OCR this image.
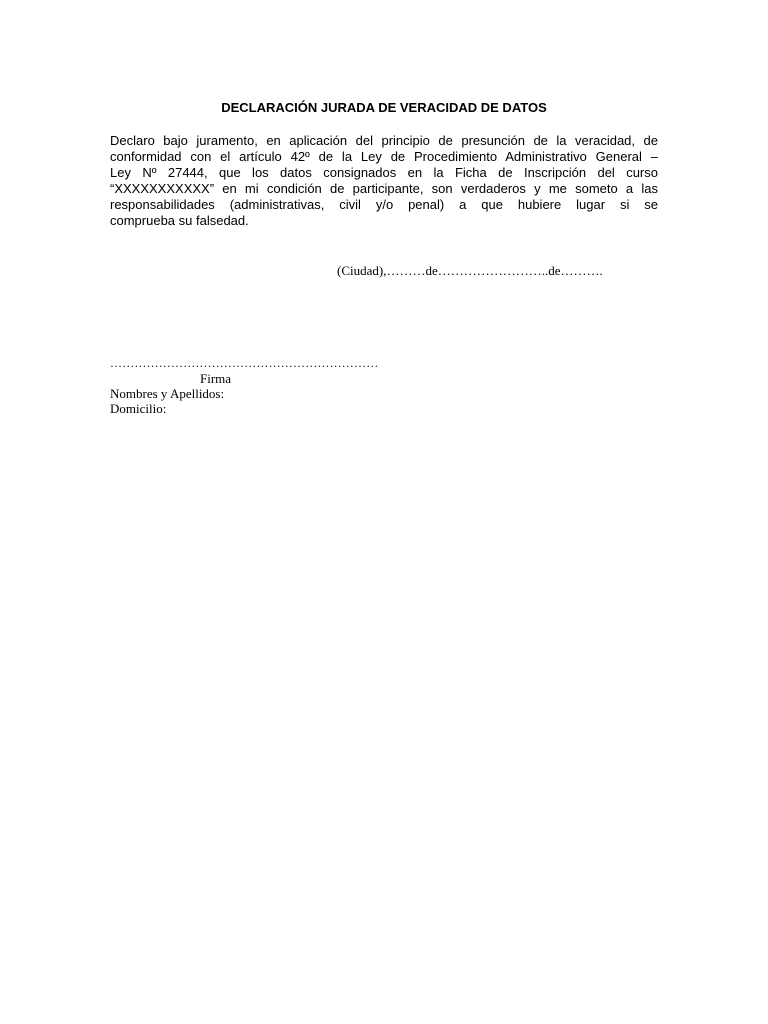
DECLARACIÓN JURADA DE VERACIDAD DE DATOS

Declaro bajo juramento, en aplicación del principio de presunción de la veracidad, de
conformidad con el artículo 42º de la Ley de Procedimiento Administrativo General –
Ley Nº 27444, que los datos consignados en la Ficha de Inscripción del curso
“XXXXXXXXXXX” en mi condición de participante, son verdaderos y me someto a las
responsabilidades (administrativas, civil y/o penal) a que hubiere lugar si se
comprueba su falsedad.

(Ciudad),………de……………………..de……….

…………………………………………………………

Firma

Nombres y Apellidos:

Domicilio:
